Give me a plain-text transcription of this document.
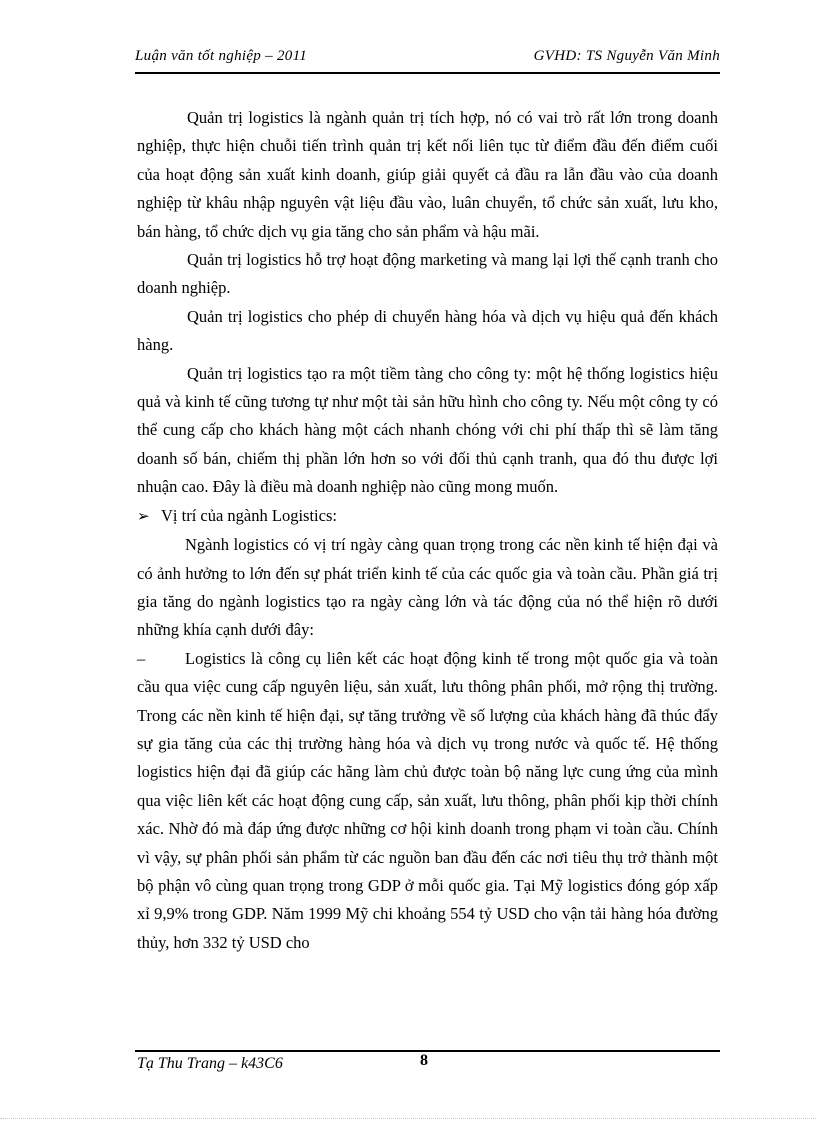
Luận văn tốt nghiệp – 2011	GVHD: TS Nguyễn Văn Minh

Quản trị logistics là ngành quản trị tích hợp, nó có vai trò rất lớn trong doanh nghiệp, thực hiện chuỗi tiến trình quản trị kết nối liên tục từ điểm đầu đến điểm cuối của hoạt động sản xuất kinh doanh, giúp giải quyết cả đầu ra lẫn đầu vào của doanh nghiệp từ khâu nhập nguyên vật liệu đầu vào, luân chuyển, tổ chức sản xuất, lưu kho, bán hàng, tổ chức dịch vụ gia tăng cho sản phẩm và hậu mãi.

Quản trị logistics hỗ trợ hoạt động marketing và mang lại lợi thế cạnh tranh cho doanh nghiệp.

Quản trị logistics cho phép di chuyển hàng hóa và dịch vụ hiệu quả đến khách hàng.

Quản trị logistics tạo ra một tiềm tàng cho công ty: một hệ thống logistics hiệu quả và kinh tế cũng tương tự như một tài sản hữu hình cho công ty. Nếu một công ty có thể cung cấp cho khách hàng một cách nhanh chóng với chi phí thấp thì sẽ làm tăng doanh số bán, chiếm thị phần lớn hơn so với đối thủ cạnh tranh, qua đó thu được lợi nhuận cao. Đây là điều mà doanh nghiệp nào cũng mong muốn.

➢ Vị trí của ngành Logistics:

Ngành logistics có vị trí ngày càng quan trọng trong các nền kinh tế hiện đại và có ảnh hưởng to lớn đến sự phát triển kinh tế của các quốc gia và toàn cầu. Phần giá trị gia tăng do ngành logistics tạo ra ngày càng lớn và tác động của nó thể hiện rõ dưới những khía cạnh dưới đây:

– Logistics là công cụ liên kết các hoạt động kinh tế trong một quốc gia và toàn cầu qua việc cung cấp nguyên liệu, sản xuất, lưu thông phân phối, mở rộng thị trường. Trong các nền kinh tế hiện đại, sự tăng trưởng về số lượng của khách hàng đã thúc đẩy sự gia tăng của các thị trường hàng hóa và dịch vụ trong nước và quốc tế. Hệ thống logistics hiện đại đã giúp các hãng làm chủ được toàn bộ năng lực cung ứng của mình qua việc liên kết các hoạt động cung cấp, sản xuất, lưu thông, phân phối kịp thời chính xác. Nhờ đó mà đáp ứng được những cơ hội kinh doanh trong phạm vi toàn cầu. Chính vì vậy, sự phân phối sản phẩm từ các nguồn ban đầu đến các nơi tiêu thụ trở thành một bộ phận vô cùng quan trọng trong GDP ở mỗi quốc gia. Tại Mỹ logistics đóng góp xấp xỉ 9,9% trong GDP. Năm 1999 Mỹ chi khoảng 554 tỷ USD cho vận tải hàng hóa đường thủy, hơn 332 tỷ USD cho

Tạ Thu Trang – k43C6	8
